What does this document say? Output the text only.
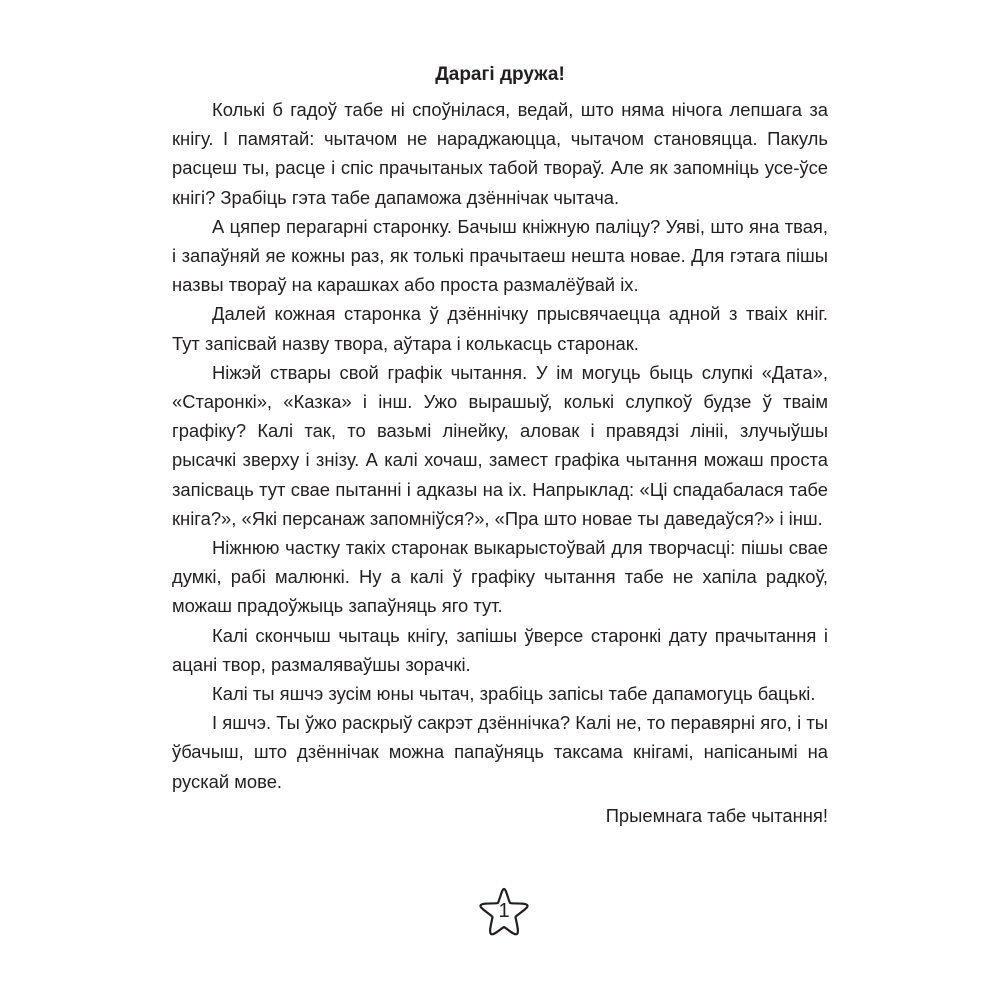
Дарагі дружа!

Колькі б гадоў табе ні споўнілася, ведай, што няма нічога лепшага за кнігу. І памятай: чытачом не нараджаюцца, чытачом становяцца. Пакуль расцеш ты, расце і спіс прачытаных табой твораў. Але як запомніць усе-ўсе кнігі? Зрабіць гэта табе дапаможа дзённічак чытача.

А цяпер перагарні старонку. Бачыш кніжную паліцу? Уяві, што яна твая, і запаўняй яе кожны раз, як толькі прачытаеш нешта новае. Для гэтага пішы назвы твораў на карашках або проста размалёўвай іх.

Далей кожная старонка ў дзённічку прысвячаецца адной з тваіх кніг. Тут запісвай назву твора, аўтара і колькасць старонак.

Ніжэй ствары свой графік чытання. У ім могуць быць слупкі «Дата», «Старонкі», «Казка» і інш. Ужо вырашыў, колькі слупкоў будзе ў тваім графіку? Калі так, то вазьмі лінейку, аловак і правядзі лініі, злучыўшы рысачкі зверху і знізу. А калі хочаш, замест графіка чытання можаш проста запісваць тут свае пытанні і адказы на іх. Напрыклад: «Ці спадабалася табе кніга?», «Які персанаж запомніўся?», «Пра што новае ты даведаўся?» і інш.

Ніжнюю частку такіх старонак выкарыстоўвай для творчасці: пішы свае думкі, рабі малюнкі. Ну а калі ў графіку чытання табе не хапіла радкоў, можаш прадоўжыць запаўняць яго тут.

Калі скончыш чытаць кнігу, запішы ўверсе старонкі дату прачытання і ацані твор, размаляваўшы зорачкі.

Калі ты яшчэ зусім юны чытач, зрабіць запісы табе дапамогуць бацькі.

І яшчэ. Ты ўжо раскрыў сакрэт дзённічка? Калі не, то перавярні яго, і ты ўбачыш, што дзённічак можна папаўняць таксама кнігамі, напісанымі на рускай мове.

Прыемнага табе чытання!

1
